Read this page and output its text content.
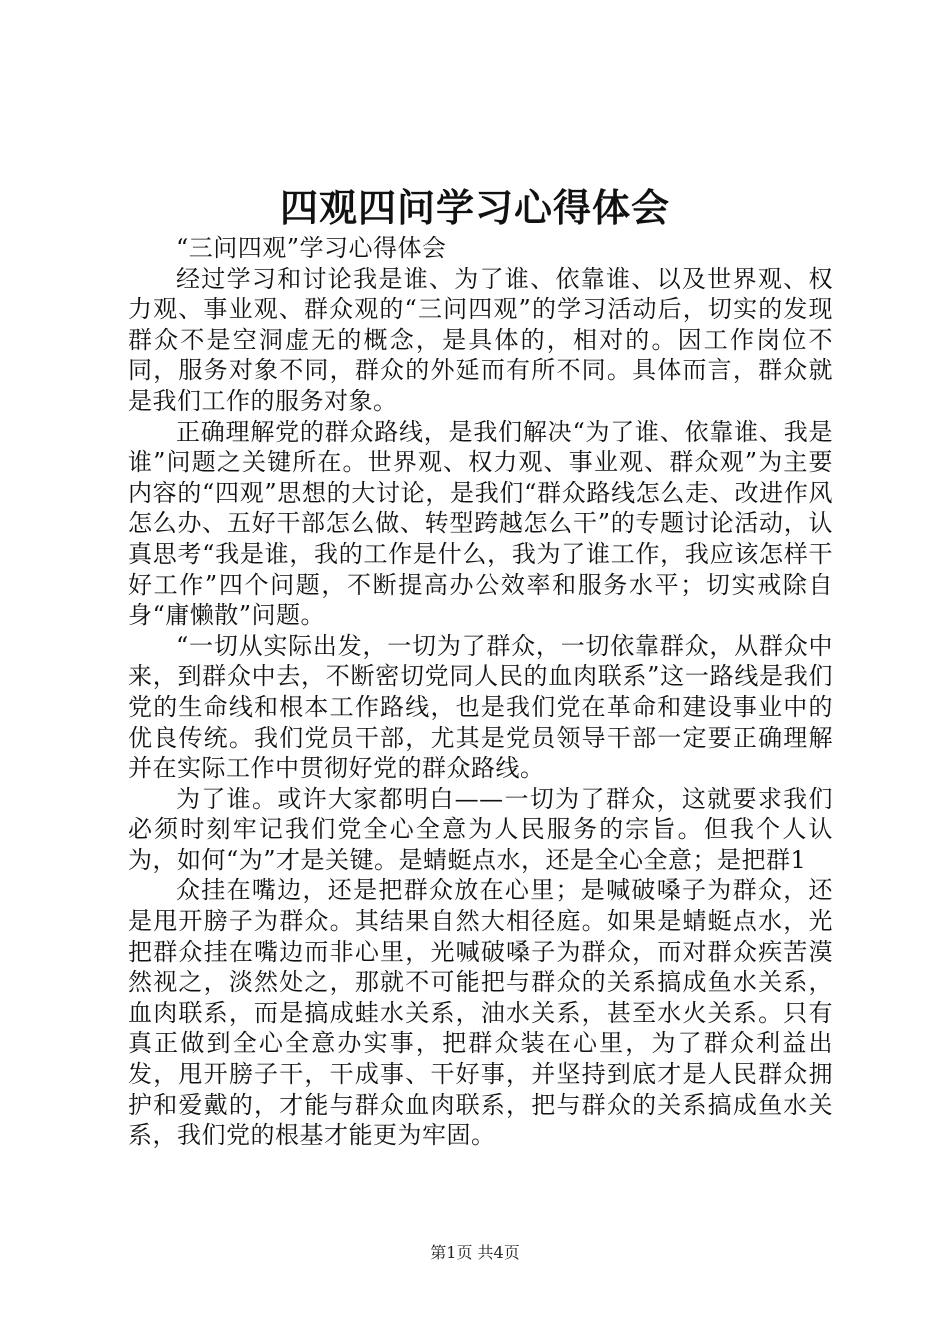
四观四问学习心得体会

“三问四观”学习心得体会

经过学习和讨论我是谁、为了谁、依靠谁、以及世界观、权力观、事业观、群众观的“三问四观”的学习活动后，切实的发现群众不是空洞虚无的概念，是具体的，相对的。因工作岗位不同，服务对象不同，群众的外延而有所不同。具体而言，群众就是我们工作的服务对象。

正确理解党的群众路线，是我们解决“为了谁、依靠谁、我是谁”问题之关键所在。世界观、权力观、事业观、群众观”为主要内容的“四观”思想的大讨论，是我们“群众路线怎么走、改进作风怎么办、五好干部怎么做、转型跨越怎么干”的专题讨论活动，认真思考“我是谁，我的工作是什么，我为了谁工作，我应该怎样干好工作”四个问题，不断提高办公效率和服务水平；切实戒除自身“庸懒散”问题。

“一切从实际出发，一切为了群众，一切依靠群众，从群众中来，到群众中去，不断密切党同人民的血肉联系”这一路线是我们党的生命线和根本工作路线，也是我们党在革命和建设事业中的优良传统。我们党员干部，尤其是党员领导干部一定要正确理解并在实际工作中贯彻好党的群众路线。

为了谁。或许大家都明白——一切为了群众，这就要求我们必须时刻牢记我们党全心全意为人民服务的宗旨。但我个人认为，如何“为”才是关键。是蜻蜓点水，还是全心全意；是把群1

众挂在嘴边，还是把群众放在心里；是喊破嗓子为群众，还是甩开膀子为群众。其结果自然大相径庭。如果是蜻蜓点水，光把群众挂在嘴边而非心里，光喊破嗓子为群众，而对群众疾苦漠然视之，淡然处之，那就不可能把与群众的关系搞成鱼水关系，血肉联系，而是搞成蛙水关系，油水关系，甚至水火关系。只有真正做到全心全意办实事，把群众装在心里，为了群众利益出发，甩开膀子干，干成事、干好事，并坚持到底才是人民群众拥护和爱戴的，才能与群众血肉联系，把与群众的关系搞成鱼水关系，我们党的根基才能更为牢固。

第1页 共4页
